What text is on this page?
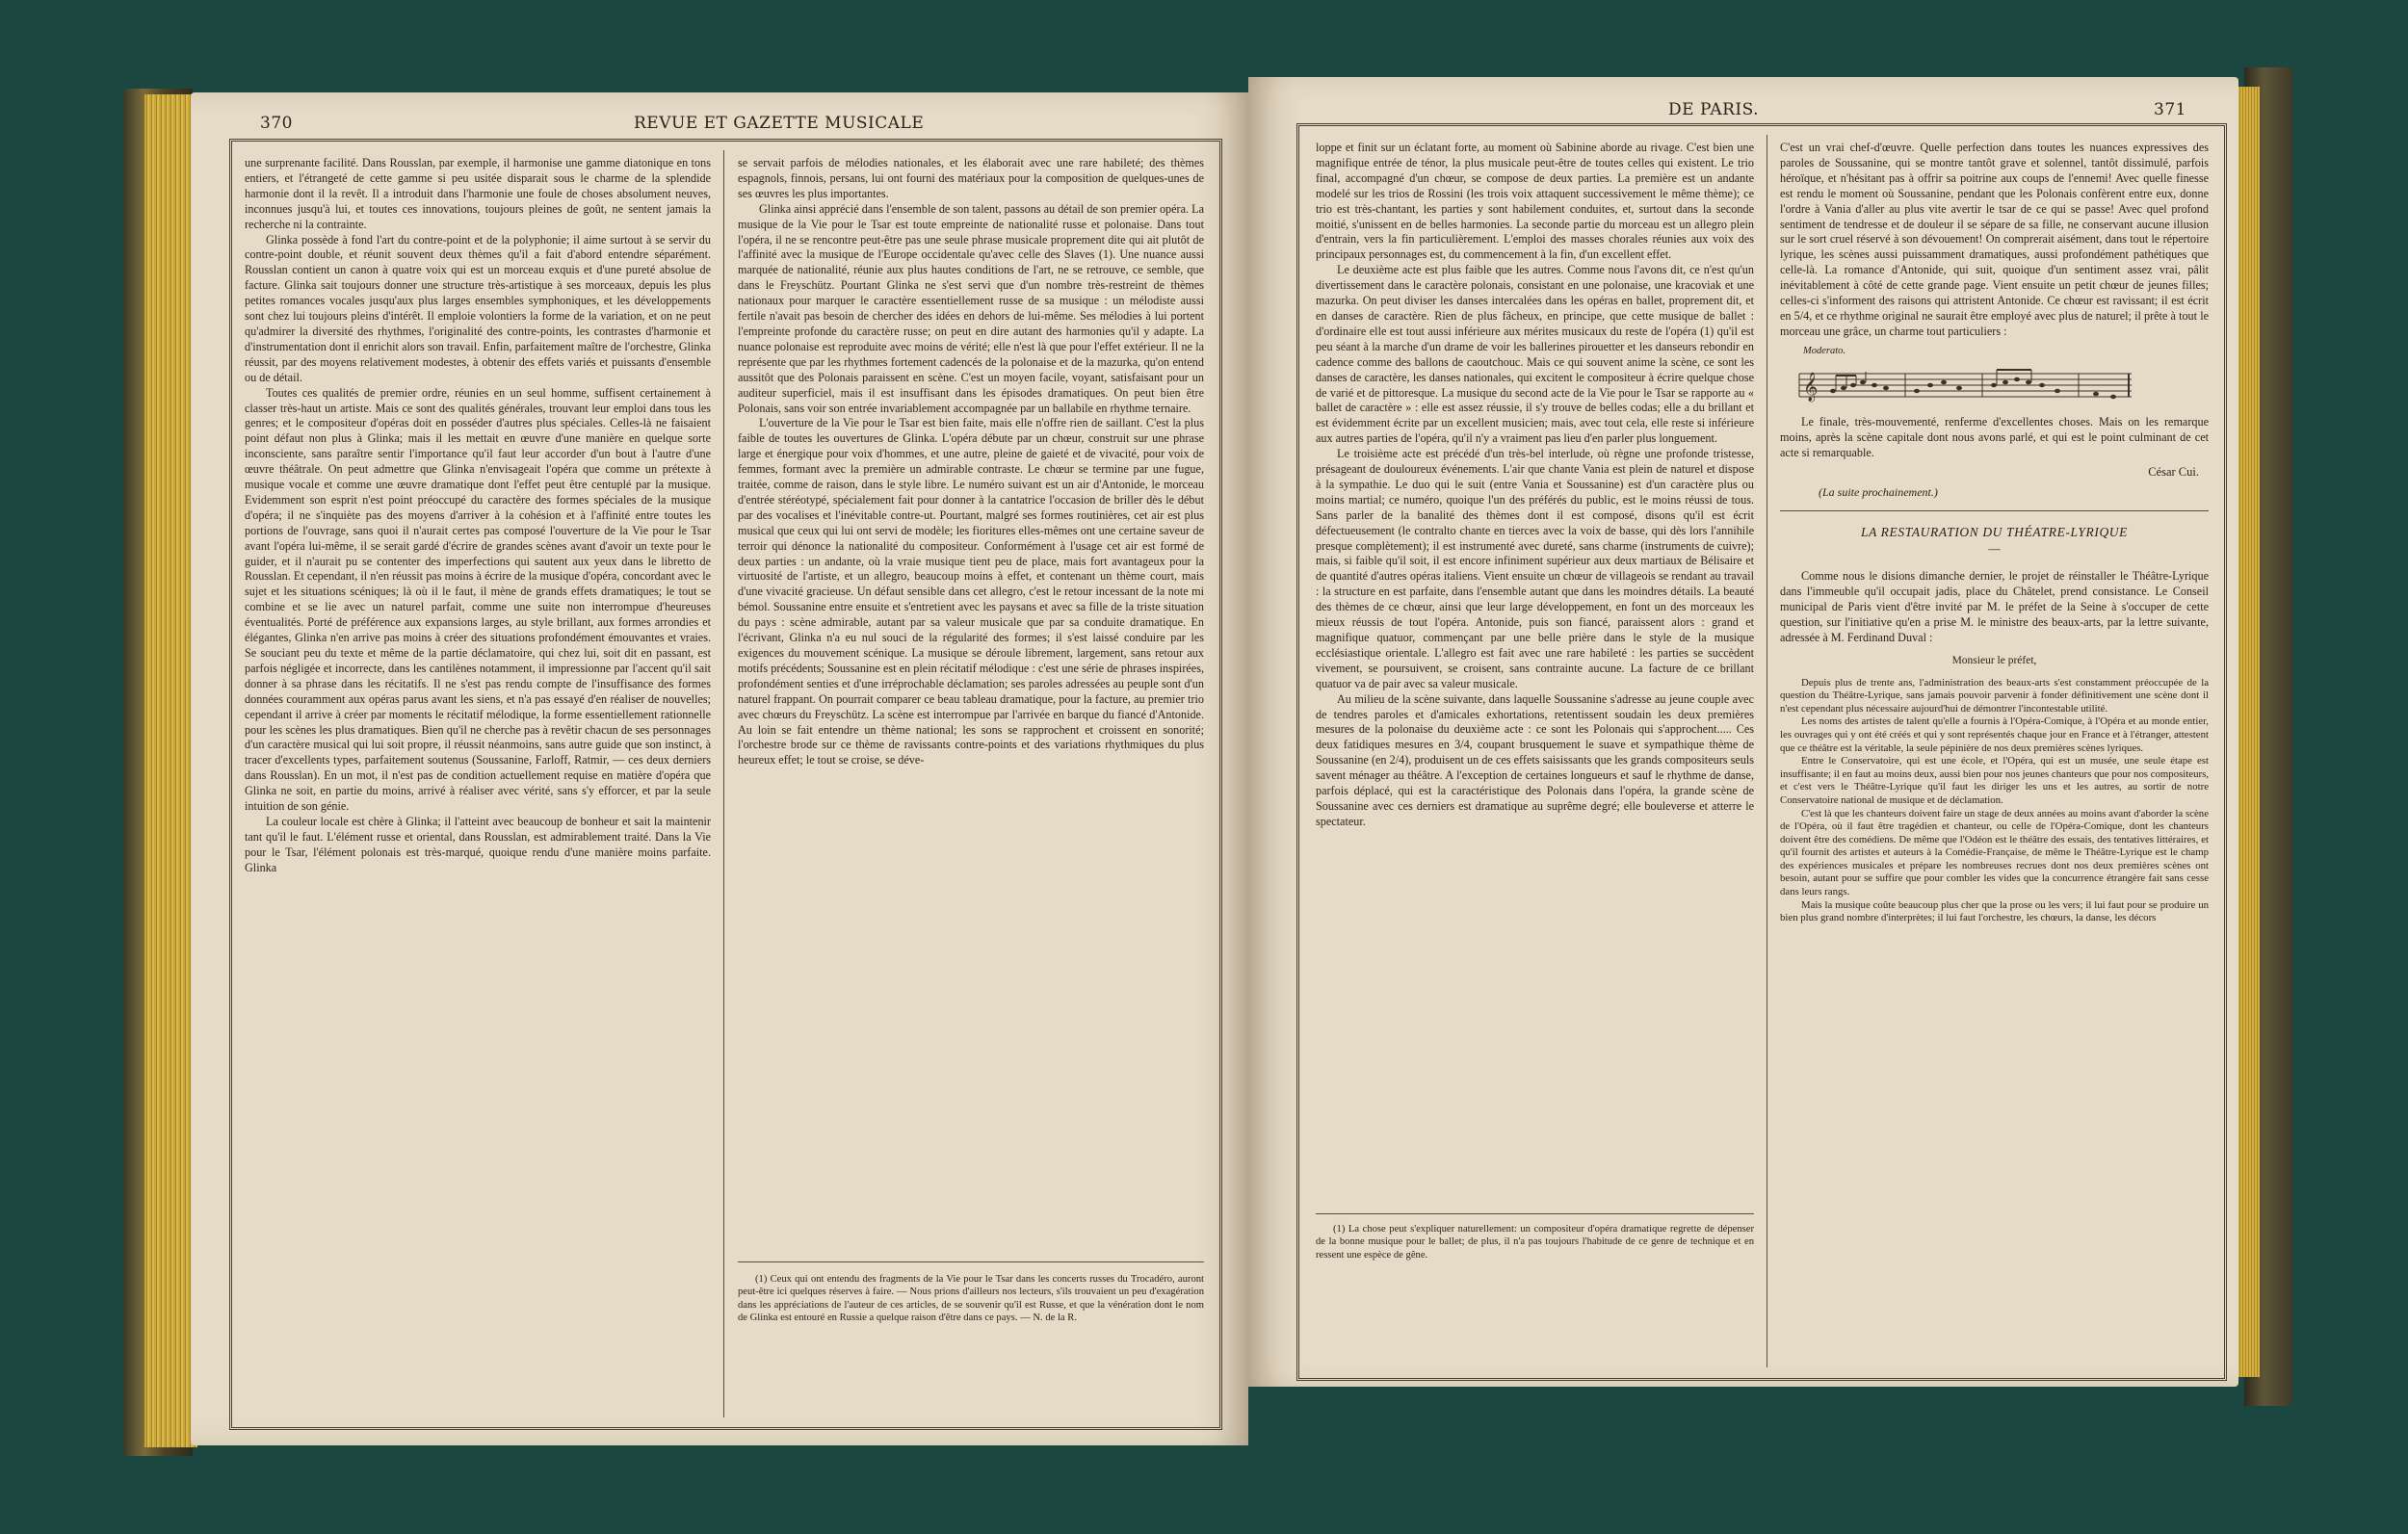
370	REVUE ET GAZETTE MUSICALE

une surprenante facilité. Dans Rousslan, par exemple, il harmonise une gamme diatonique en tons entiers, et l'étrangeté de cette gamme si peu usitée disparait sous le charme de la splendide harmonie dont il la revêt. Il a introduit dans l'harmonie une foule de choses absolument neuves, inconnues jusqu'à lui, et toutes ces innovations, toujours pleines de goût, ne sentent jamais la recherche ni la contrainte.

Glinka possède à fond l'art du contre-point et de la polyphonie; il aime surtout à se servir du contre-point double, et réunit souvent deux thèmes qu'il a fait d'abord entendre séparément. Rousslan contient un canon à quatre voix qui est un morceau exquis et d'une pureté absolue de facture. Glinka sait toujours donner une structure très-artistique à ses morceaux, depuis les plus petites romances vocales jusqu'aux plus larges ensembles symphoniques, et les développements sont chez lui toujours pleins d'intérêt. Il emploie volontiers la forme de la variation, et on ne peut qu'admirer la diversité des rhythmes, l'originalité des contre-points, les contrastes d'harmonie et d'instrumentation dont il enrichit alors son travail. Enfin, parfaitement maître de l'orchestre, Glinka réussit, par des moyens relativement modestes, à obtenir des effets variés et puissants d'ensemble ou de détail.

Toutes ces qualités de premier ordre, réunies en un seul homme, suffisent certainement à classer très-haut un artiste. Mais ce sont des qualités générales, trouvant leur emploi dans tous les genres; et le compositeur d'opéras doit en posséder d'autres plus spéciales. Celles-là ne faisaient point défaut non plus à Glinka; mais il les mettait en œuvre d'une manière en quelque sorte inconsciente, sans paraître sentir l'importance qu'il faut leur accorder d'un bout à l'autre d'une œuvre théâtrale. On peut admettre que Glinka n'envisageait l'opéra que comme un prétexte à musique vocale et comme une œuvre dramatique dont l'effet peut être centuplé par la musique. Evidemment son esprit n'est point préoccupé du caractère des formes spéciales de la musique d'opéra; il ne s'inquiète pas des moyens d'arriver à la cohésion et à l'affinité entre toutes les portions de l'ouvrage, sans quoi il n'aurait certes pas composé l'ouverture de la Vie pour le Tsar avant l'opéra lui-même, il se serait gardé d'écrire de grandes scènes avant d'avoir un texte pour le guider, et il n'aurait pu se contenter des imperfections qui sautent aux yeux dans le libretto de Rousslan. Et cependant, il n'en réussit pas moins à écrire de la musique d'opéra, concordant avec le sujet et les situations scéniques; là où il le faut, il mène de grands effets dramatiques; le tout se combine et se lie avec un naturel parfait, comme une suite non interrompue d'heureuses éventualités. Porté de préférence aux expansions larges, au style brillant, aux formes arrondies et élégantes, Glinka n'en arrive pas moins à créer des situations profondément émouvantes et vraies. Se souciant peu du texte et même de la partie déclamatoire, qui chez lui, soit dit en passant, est parfois négligée et incorrecte, dans les cantilènes notamment, il impressionne par l'accent qu'il sait donner à sa phrase dans les récitatifs. Il ne s'est pas rendu compte de l'insuffisance des formes données couramment aux opéras parus avant les siens, et n'a pas essayé d'en réaliser de nouvelles; cependant il arrive à créer par moments le récitatif mélodique, la forme essentiellement rationnelle pour les scènes les plus dramatiques. Bien qu'il ne cherche pas à revêtir chacun de ses personnages d'un caractère musical qui lui soit propre, il réussit néanmoins, sans autre guide que son instinct, à tracer d'excellents types, parfaitement soutenus (Soussanine, Farloff, Ratmir, — ces deux derniers dans Rousslan). En un mot, il n'est pas de condition actuellement requise en matière d'opéra que Glinka ne soit, en partie du moins, arrivé à réaliser avec vérité, sans s'y efforcer, et par la seule intuition de son génie.

La couleur locale est chère à Glinka; il l'atteint avec beaucoup de bonheur et sait la maintenir tant qu'il le faut. L'élément russe et oriental, dans Rousslan, est admirablement traité. Dans la Vie pour le Tsar, l'élément polonais est très-marqué, quoique rendu d'une manière moins parfaite. Glinka

se servait parfois de mélodies nationales, et les élaborait avec une rare habileté; des thèmes espagnols, finnois, persans, lui ont fourni des matériaux pour la composition de quelques-unes de ses œuvres les plus importantes.

Glinka ainsi apprécié dans l'ensemble de son talent, passons au détail de son premier opéra. La musique de la Vie pour le Tsar est toute empreinte de nationalité russe et polonaise. Dans tout l'opéra, il ne se rencontre peut-être pas une seule phrase musicale proprement dite qui ait plutôt de l'affinité avec la musique de l'Europe occidentale qu'avec celle des Slaves (1). Une nuance aussi marquée de nationalité, réunie aux plus hautes conditions de l'art, ne se retrouve, ce semble, que dans le Freyschütz. Pourtant Glinka ne s'est servi que d'un nombre très-restreint de thèmes nationaux pour marquer le caractère essentiellement russe de sa musique : un mélodiste aussi fertile n'avait pas besoin de chercher des idées en dehors de lui-même. Ses mélodies à lui portent l'empreinte profonde du caractère russe; on peut en dire autant des harmonies qu'il y adapte. La nuance polonaise est reproduite avec moins de vérité; elle n'est là que pour l'effet extérieur. Il ne la représente que par les rhythmes fortement cadencés de la polonaise et de la mazurka, qu'on entend aussitôt que des Polonais paraissent en scène. C'est un moyen facile, voyant, satisfaisant pour un auditeur superficiel, mais il est insuffisant dans les épisodes dramatiques. On peut bien être Polonais, sans voir son entrée invariablement accompagnée par un ballabile en rhythme ternaire.

L'ouverture de la Vie pour le Tsar est bien faite, mais elle n'offre rien de saillant. C'est la plus faible de toutes les ouvertures de Glinka. L'opéra débute par un chœur, construit sur une phrase large et énergique pour voix d'hommes, et une autre, pleine de gaieté et de vivacité, pour voix de femmes, formant avec la première un admirable contraste. Le chœur se termine par une fugue, traitée, comme de raison, dans le style libre. Le numéro suivant est un air d'Antonide, le morceau d'entrée stéréotypé, spécialement fait pour donner à la cantatrice l'occasion de briller dès le début par des vocalises et l'inévitable contre-ut. Pourtant, malgré ses formes routinières, cet air est plus musical que ceux qui lui ont servi de modèle; les fioritures elles-mêmes ont une certaine saveur de terroir qui dénonce la nationalité du compositeur. Conformément à l'usage cet air est formé de deux parties : un andante, où la vraie musique tient peu de place, mais fort avantageux pour la virtuosité de l'artiste, et un allegro, beaucoup moins à effet, et contenant un thème court, mais d'une vivacité gracieuse. Un défaut sensible dans cet allegro, c'est le retour incessant de la note mi bémol. Soussanine entre ensuite et s'entretient avec les paysans et avec sa fille de la triste situation du pays : scène admirable, autant par sa valeur musicale que par sa conduite dramatique. En l'écrivant, Glinka n'a eu nul souci de la régularité des formes; il s'est laissé conduire par les exigences du mouvement scénique. La musique se déroule librement, largement, sans retour aux motifs précédents; Soussanine est en plein récitatif mélodique : c'est une série de phrases inspirées, profondément senties et d'une irréprochable déclamation; ses paroles adressées au peuple sont d'un naturel frappant. On pourrait comparer ce beau tableau dramatique, pour la facture, au premier trio avec chœurs du Freyschütz. La scène est interrompue par l'arrivée en barque du fiancé d'Antonide. Au loin se fait entendre un thème national; les sons se rapprochent et croissent en sonorité; l'orchestre brode sur ce thème de ravissants contre-points et des variations rhythmiques du plus heureux effet; le tout se croise, se déve-

(1) Ceux qui ont entendu des fragments de la Vie pour le Tsar dans les concerts russes du Trocadéro, auront peut-être ici quelques réserves à faire. — Nous prions d'ailleurs nos lecteurs, s'ils trouvaient un peu d'exagération dans les appréciations de l'auteur de ces articles, de se souvenir qu'il est Russe, et que la vénération dont le nom de Glinka est entouré en Russie a quelque raison d'être dans ce pays. — N. de la R.

DE PARIS.	371

loppe et finit sur un éclatant forte, au moment où Sabinine aborde au rivage. C'est bien une magnifique entrée de ténor, la plus musicale peut-être de toutes celles qui existent. Le trio final, accompagné d'un chœur, se compose de deux parties. La première est un andante modelé sur les trios de Rossini (les trois voix attaquent successivement le même thème); ce trio est très-chantant, les parties y sont habilement conduites, et, surtout dans la seconde moitié, s'unissent en de belles harmonies. La seconde partie du morceau est un allegro plein d'entrain, vers la fin particulièrement. L'emploi des masses chorales réunies aux voix des principaux personnages est, du commencement à la fin, d'un excellent effet.

Le deuxième acte est plus faible que les autres. Comme nous l'avons dit, ce n'est qu'un divertissement dans le caractère polonais, consistant en une polonaise, une kracoviak et une mazurka. On peut diviser les danses intercalées dans les opéras en ballet, proprement dit, et en danses de caractère. Rien de plus fâcheux, en principe, que cette musique de ballet : d'ordinaire elle est tout aussi inférieure aux mérites musicaux du reste de l'opéra (1) qu'il est peu séant à la marche d'un drame de voir les ballerines pirouetter et les danseurs rebondir en cadence comme des ballons de caoutchouc. Mais ce qui souvent anime la scène, ce sont les danses de caractère, les danses nationales, qui excitent le compositeur à écrire quelque chose de varié et de pittoresque. La musique du second acte de la Vie pour le Tsar se rapporte au « ballet de caractère » : elle est assez réussie, il s'y trouve de belles codas; elle a du brillant et est évidemment écrite par un excellent musicien; mais, avec tout cela, elle reste si inférieure aux autres parties de l'opéra, qu'il n'y a vraiment pas lieu d'en parler plus longuement.

Le troisième acte est précédé d'un très-bel interlude, où règne une profonde tristesse, présageant de douloureux événements. L'air que chante Vania est plein de naturel et dispose à la sympathie. Le duo qui le suit (entre Vania et Soussanine) est d'un caractère plus ou moins martial; ce numéro, quoique l'un des préférés du public, est le moins réussi de tous. Sans parler de la banalité des thèmes dont il est composé, disons qu'il est écrit défectueusement (le contralto chante en tierces avec la voix de basse, qui dès lors l'annihile presque complètement); il est instrumenté avec dureté, sans charme (instruments de cuivre); mais, si faible qu'il soit, il est encore infiniment supérieur aux deux martiaux de Bélisaire et de quantité d'autres opéras italiens. Vient ensuite un chœur de villageois se rendant au travail : la structure en est parfaite, dans l'ensemble autant que dans les moindres détails. La beauté des thèmes de ce chœur, ainsi que leur large développement, en font un des morceaux les mieux réussis de tout l'opéra. Antonide, puis son fiancé, paraissent alors : grand et magnifique quatuor, commençant par une belle prière dans le style de la musique ecclésiastique orientale. L'allegro est fait avec une rare habileté : les parties se succèdent vivement, se poursuivent, se croisent, sans contrainte aucune. La facture de ce brillant quatuor va de pair avec sa valeur musicale.

Au milieu de la scène suivante, dans laquelle Soussanine s'adresse au jeune couple avec de tendres paroles et d'amicales exhortations, retentissent soudain les deux premières mesures de la polonaise du deuxième acte : ce sont les Polonais qui s'approchent..... Ces deux fatidiques mesures en 3/4, coupant brusquement le suave et sympathique thème de Soussanine (en 2/4), produisent un de ces effets saisissants que les grands compositeurs seuls savent ménager au théâtre. A l'exception de certaines longueurs et sauf le rhythme de danse, parfois déplacé, qui est la caractéristique des Polonais dans l'opéra, la grande scène de Soussanine avec ces derniers est dramatique au suprême degré; elle bouleverse et atterre le spectateur.

(1) La chose peut s'expliquer naturellement: un compositeur d'opéra dramatique regrette de dépenser de la bonne musique pour le ballet; de plus, il n'a pas toujours l'habitude de ce genre de technique et en ressent une espèce de gêne.

C'est un vrai chef-d'œuvre. Quelle perfection dans toutes les nuances expressives des paroles de Soussanine, qui se montre tantôt grave et solennel, tantôt dissimulé, parfois héroïque, et n'hésitant pas à offrir sa poitrine aux coups de l'ennemi! Avec quelle finesse est rendu le moment où Soussanine, pendant que les Polonais confèrent entre eux, donne l'ordre à Vania d'aller au plus vite avertir le tsar de ce qui se passe! Avec quel profond sentiment de tendresse et de douleur il se sépare de sa fille, ne conservant aucune illusion sur le sort cruel réservé à son dévouement! On comprerait aisément, dans tout le répertoire lyrique, les scènes aussi puissamment dramatiques, aussi profondément pathétiques que celle-là. La romance d'Antonide, qui suit, quoique d'un sentiment assez vrai, pâlit inévitablement à côté de cette grande page. Vient ensuite un petit chœur de jeunes filles; celles-ci s'informent des raisons qui attristent Antonide. Ce chœur est ravissant; il est écrit en 5/4, et ce rhythme original ne saurait être employé avec plus de naturel; il prête à tout le morceau une grâce, un charme tout particuliers :

Moderato.
𝄞

Le finale, très-mouvementé, renferme d'excellentes choses. Mais on les remarque moins, après la scène capitale dont nous avons parlé, et qui est le point culminant de cet acte si remarquable.

César Cui.
(La suite prochainement.)
LA RESTAURATION DU THÉATRE-LYRIQUE
—

Comme nous le disions dimanche dernier, le projet de réinstaller le Théâtre-Lyrique dans l'immeuble qu'il occupait jadis, place du Châtelet, prend consistance. Le Conseil municipal de Paris vient d'être invité par M. le préfet de la Seine à s'occuper de cette question, sur l'initiative qu'en a prise M. le ministre des beaux-arts, par la lettre suivante, adressée à M. Ferdinand Duval :

Monsieur le préfet,

Depuis plus de trente ans, l'administration des beaux-arts s'est constamment préoccupée de la question du Théâtre-Lyrique, sans jamais pouvoir parvenir à fonder définitivement une scène dont il n'est cependant plus nécessaire aujourd'hui de démontrer l'incontestable utilité.

Les noms des artistes de talent qu'elle a fournis à l'Opéra-Comique, à l'Opéra et au monde entier, les ouvrages qui y ont été créés et qui y sont représentés chaque jour en France et à l'étranger, attestent que ce théâtre est la véritable, la seule pépinière de nos deux premières scènes lyriques.

Entre le Conservatoire, qui est une école, et l'Opéra, qui est un musée, une seule étape est insuffisante; il en faut au moins deux, aussi bien pour nos jeunes chanteurs que pour nos compositeurs, et c'est vers le Théâtre-Lyrique qu'il faut les diriger les uns et les autres, au sortir de notre Conservatoire national de musique et de déclamation.

C'est là que les chanteurs doivent faire un stage de deux années au moins avant d'aborder la scène de l'Opéra, où il faut être tragédien et chanteur, ou celle de l'Opéra-Comique, dont les chanteurs doivent être des comédiens. De même que l'Odéon est le théâtre des essais, des tentatives littéraires, et qu'il fournit des artistes et auteurs à la Comédie-Française, de même le Théâtre-Lyrique est le champ des expériences musicales et prépare les nombreuses recrues dont nos deux premières scènes ont besoin, autant pour se suffire que pour combler les vides que la concurrence étrangère fait sans cesse dans leurs rangs.

Mais la musique coûte beaucoup plus cher que la prose ou les vers; il lui faut pour se produire un bien plus grand nombre d'interprètes; il lui faut l'orchestre, les chœurs, la danse, les décors
